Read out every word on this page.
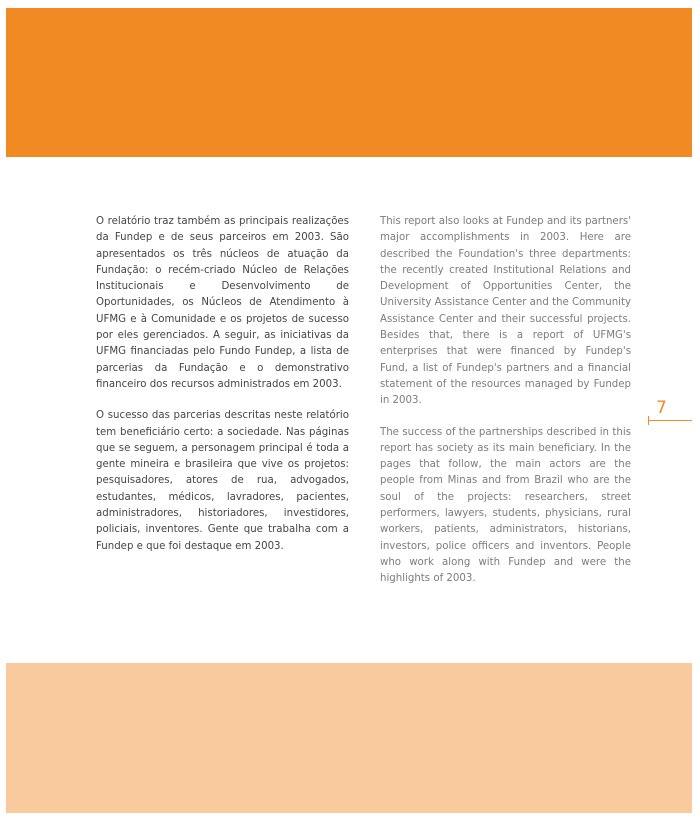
O relatório traz também as principais realizações da Fundep e de seus parceiros em 2003. São apresentados os três núcleos de atuação da Fundação: o recém-criado Núcleo de Relações Institucionais e Desenvolvimento de Oportunidades, os Núcleos de Atendimento à UFMG e à Comunidade e os projetos de sucesso por eles gerenciados. A seguir, as iniciativas da UFMG financiadas pelo Fundo Fundep, a lista de parcerias da Fundação e o demonstrativo financeiro dos recursos administrados em 2003.

O sucesso das parcerias descritas neste relatório tem beneficiário certo: a sociedade. Nas páginas que se seguem, a personagem principal é toda a gente mineira e brasileira que vive os projetos: pesquisadores, atores de rua, advogados, estudantes, médicos, lavradores, pacientes, administradores, historiadores, investidores, policiais, inventores. Gente que trabalha com a Fundep e que foi destaque em 2003.

This report also looks at Fundep and its partners' major accomplishments in 2003. Here are described the Foundation's three departments: the recently created Institutional Relations and Development of Opportunities Center, the University Assistance Center and the Community Assistance Center and their successful projects. Besides that, there is a report of UFMG's enterprises that were financed by Fundep's Fund, a list of Fundep's partners and a financial statement of the resources managed by Fundep in 2003.

The success of the partnerships described in this report has society as its main beneficiary. In the pages that follow, the main actors are the people from Minas and from Brazil who are the soul of the projects: researchers, street performers, lawyers, students, physicians, rural workers, patients, administrators, historians, investors, police officers and inventors. People who work along with Fundep and were the highlights of 2003.

7
